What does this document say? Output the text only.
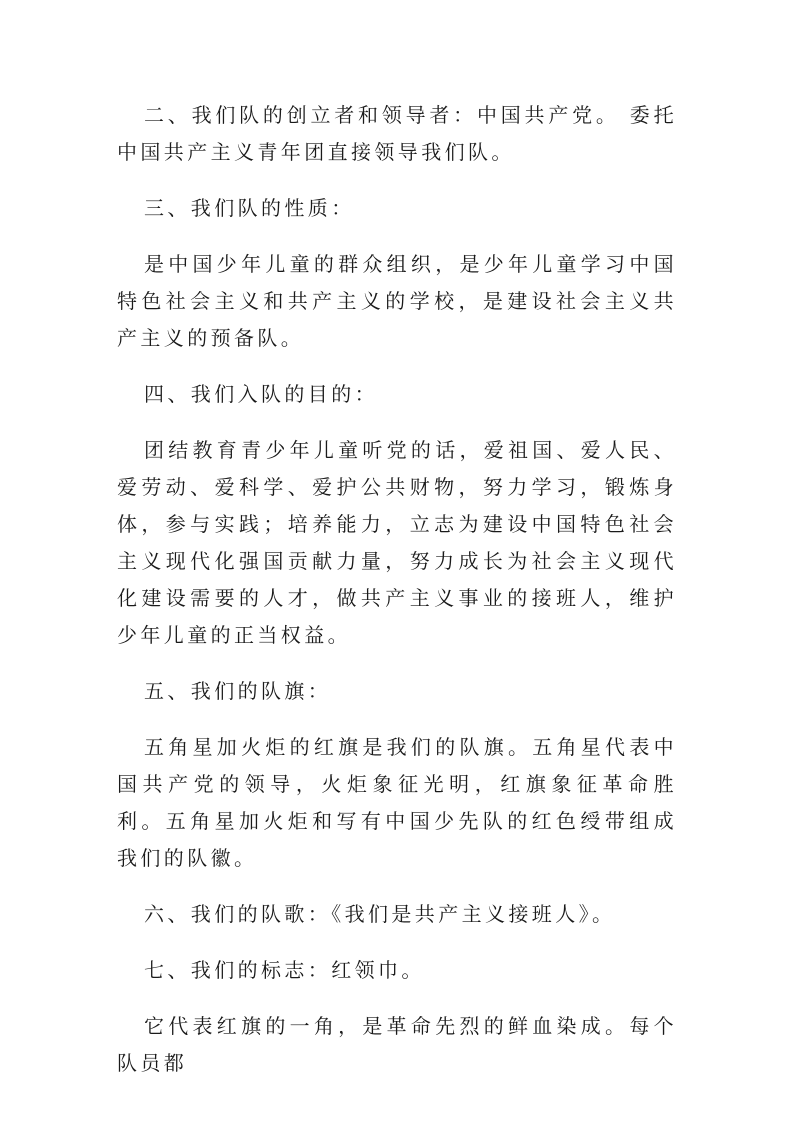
二、我们队的创立者和领导者：中国共产党。 委托中国共产主义青年团直接领导我们队。

三、我们队的性质：

是中国少年儿童的群众组织，是少年儿童学习中国特色社会主义和共产主义的学校，是建设社会主义共产主义的预备队。

四、我们入队的目的：

团结教育青少年儿童听党的话，爱祖国、爱人民、爱劳动、爱科学、爱护公共财物，努力学习，锻炼身体，参与实践；培养能力，立志为建设中国特色社会主义现代化强国贡献力量，努力成长为社会主义现代化建设需要的人才，做共产主义事业的接班人，维护少年儿童的正当权益。

五、我们的队旗：

五角星加火炬的红旗是我们的队旗。五角星代表中国共产党的领导，火炬象征光明，红旗象征革命胜利。五角星加火炬和写有中国少先队的红色绶带组成我们的队徽。

六、我们的队歌：《我们是共产主义接班人》。

七、我们的标志：红领巾。

它代表红旗的一角，是革命先烈的鲜血染成。每个队员都
